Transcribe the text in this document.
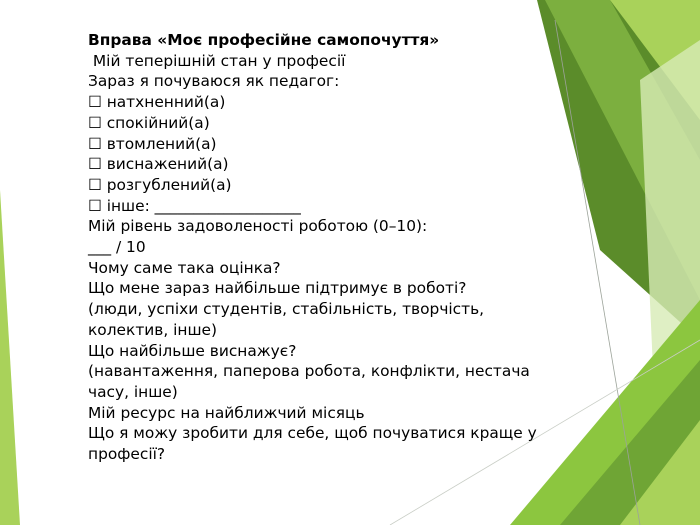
Вправа «Моє професійне самопочуття»

Мій теперішній стан у професії

Зараз я почуваюся як педагог:

☐ натхненний(а)

☐ спокійний(а)

☐ втомлений(а)

☐ виснажений(а)

☐ розгублений(а)

☐ інше: ___________________

Мій рівень задоволеності роботою (0–10):

___ / 10

Чому саме така оцінка?

Що мене зараз найбільше підтримує в роботі?

(люди, успіхи студентів, стабільність, творчість, колектив, інше)

Що найбільше виснажує?

(навантаження, паперова робота, конфлікти, нестача часу, інше)

Мій ресурс на найближчий місяць

Що я можу зробити для себе, щоб почуватися краще у професії?
